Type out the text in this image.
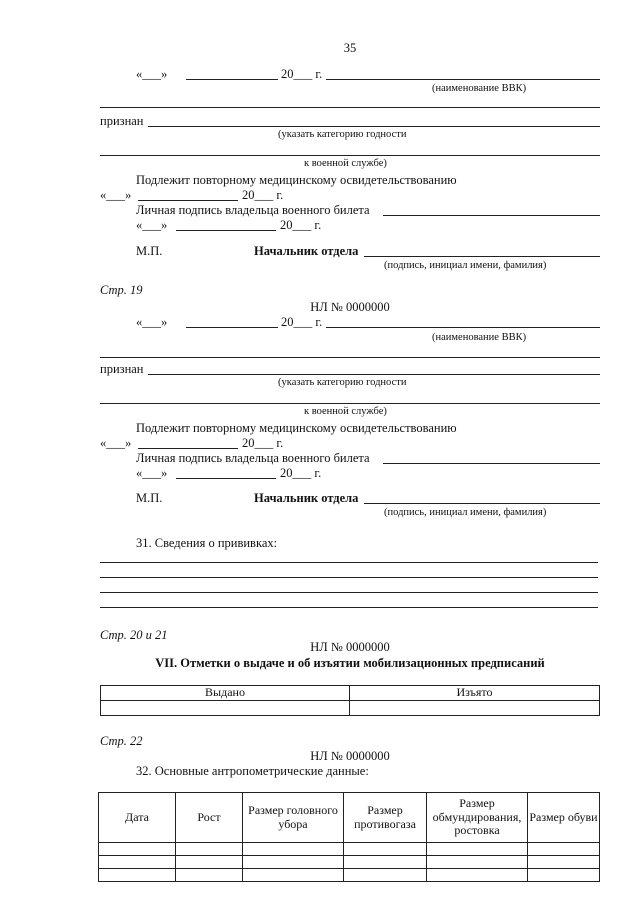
35
«___»	20___ г.
(наименование ВВК)
признан
(указать категорию годности
к военной службе)
Подлежит повторному медицинскому освидетельствованию
«___»	20___ г.
Личная подпись владельца военного билета
«___»	20___ г.
М.П.	Начальник отдела
(подпись, инициал имени, фамилия)
Стр. 19
НЛ № 0000000
«___»	20___ г.
(наименование ВВК)
признан
(указать категорию годности
к военной службе)
Подлежит повторному медицинскому освидетельствованию
«___»	20___ г.
Личная подпись владельца военного билета
«___»	20___ г.
М.П.	Начальник отдела
(подпись, инициал имени, фамилия)
31. Сведения о прививках:
Стр. 20 и 21
НЛ № 0000000
VII. Отметки о выдаче и об изъятии мобилизационных предписаний
Выдано	Изъято

Стр. 22
НЛ № 0000000
32. Основные антропометрические данные:
Дата	Рост	Размер головного убора	Размер противогаза	Размер обмундирования, ростовка	Размер обуви
